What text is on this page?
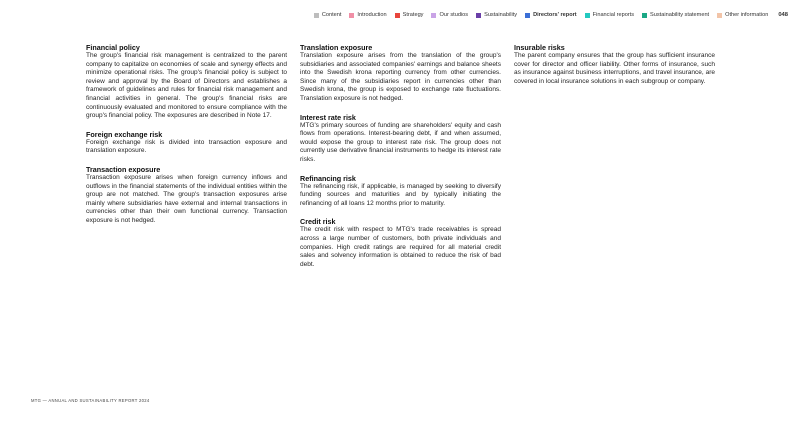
Content	Introduction	Strategy	Our studios	Sustainability	Directors' report	Financial reports	Sustainability statement	Other information 048
Financial policy

The group's financial risk management is centralized to the parent company to capitalize on economies of scale and synergy effects and minimize operational risks. The group's financial policy is subject to review and approval by the Board of Directors and establishes a framework of guidelines and rules for financial risk management and financial activities in general. The group's financial risks are continuously evaluated and monitored to ensure compliance with the group's financial policy. The exposures are described in Note 17.

Foreign exchange risk

Foreign exchange risk is divided into transaction exposure and translation exposure.

Transaction exposure

Transaction exposure arises when foreign currency inflows and outflows in the financial statements of the individual entities within the group are not matched. The group's transaction exposures arise mainly where subsidiaries have external and internal transactions in currencies other than their own functional currency. Transaction exposure is not hedged.

Translation exposure

Translation exposure arises from the translation of the group's subsidiaries and associated companies' earnings and balance sheets into the Swedish krona reporting currency from other currencies. Since many of the subsidiaries report in currencies other than Swedish krona, the group is exposed to exchange rate fluctuations. Translation exposure is not hedged.

Interest rate risk

MTG's primary sources of funding are shareholders' equity and cash flows from operations. Interest-bearing debt, if and when assumed, would expose the group to interest rate risk. The group does not currently use derivative financial instruments to hedge its interest rate risks.

Refinancing risk

The refinancing risk, if applicable, is managed by seeking to diversify funding sources and maturities and by typically initiating the refinancing of all loans 12 months prior to maturity.

Credit risk

The credit risk with respect to MTG's trade receivables is spread across a large number of customers, both private individuals and companies. High credit ratings are required for all material credit sales and solvency information is obtained to reduce the risk of bad debt.

Insurable risks

The parent company ensures that the group has sufficient insurance cover for director and officer liability. Other forms of insurance, such as insurance against business interruptions, and travel insurance, are covered in local insurance solutions in each subgroup or company.

MTG — ANNUAL AND SUSTAINABILITY REPORT 2024
